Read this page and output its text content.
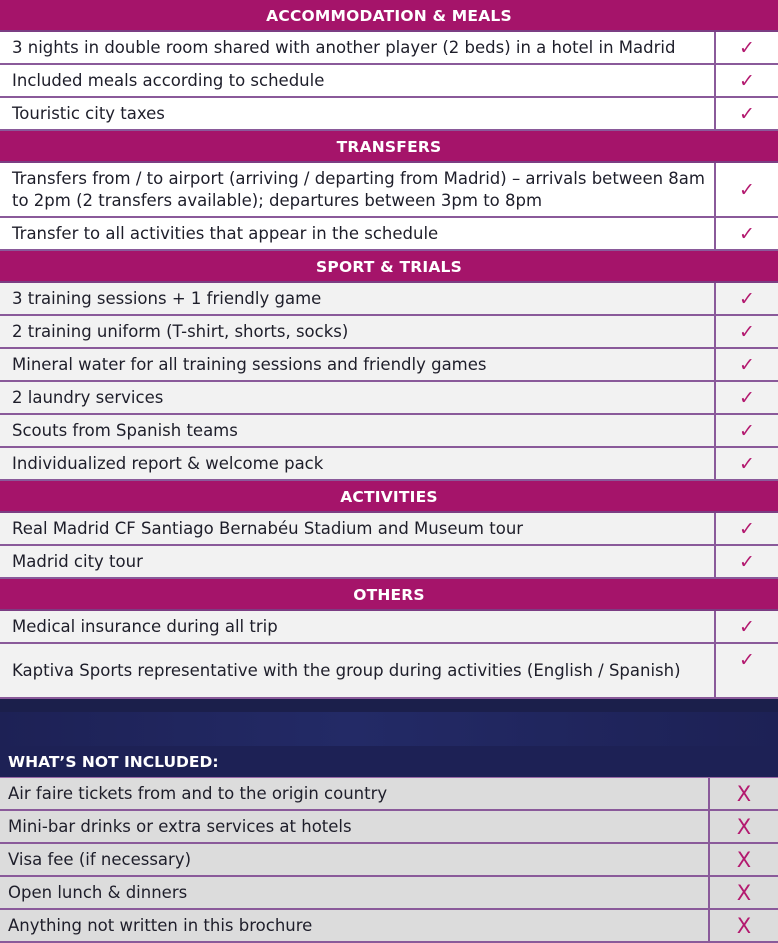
ACCOMMODATION & MEALS
3 nights in double room shared with another player (2 beds) in a hotel in Madrid	✓
Included meals according to schedule	✓
Touristic city taxes	✓
TRANSFERS
Transfers from / to airport (arriving / departing from Madrid) – arrivals between 8am to 2pm (2 transfers available); departures between 3pm to 8pm	✓
Transfer to all activities that appear in the schedule	✓
SPORT & TRIALS
3 training sessions + 1 friendly game	✓
2 training uniform (T-shirt, shorts, socks)	✓
Mineral water for all training sessions and friendly games	✓
2 laundry services	✓
Scouts from Spanish teams	✓
Individualized report & welcome pack	✓
ACTIVITIES
Real Madrid CF Santiago Bernabéu Stadium and Museum tour	✓
Madrid city tour	✓
OTHERS
Medical insurance during all trip	✓
Kaptiva Sports representative with the group during activities (English / Spanish)	✓
WHAT’S NOT INCLUDED:
Air faire tickets from and to the origin country	X
Mini-bar drinks or extra services at hotels	X
Visa fee (if necessary)	X
Open lunch & dinners	X
Anything not written in this brochure	X
